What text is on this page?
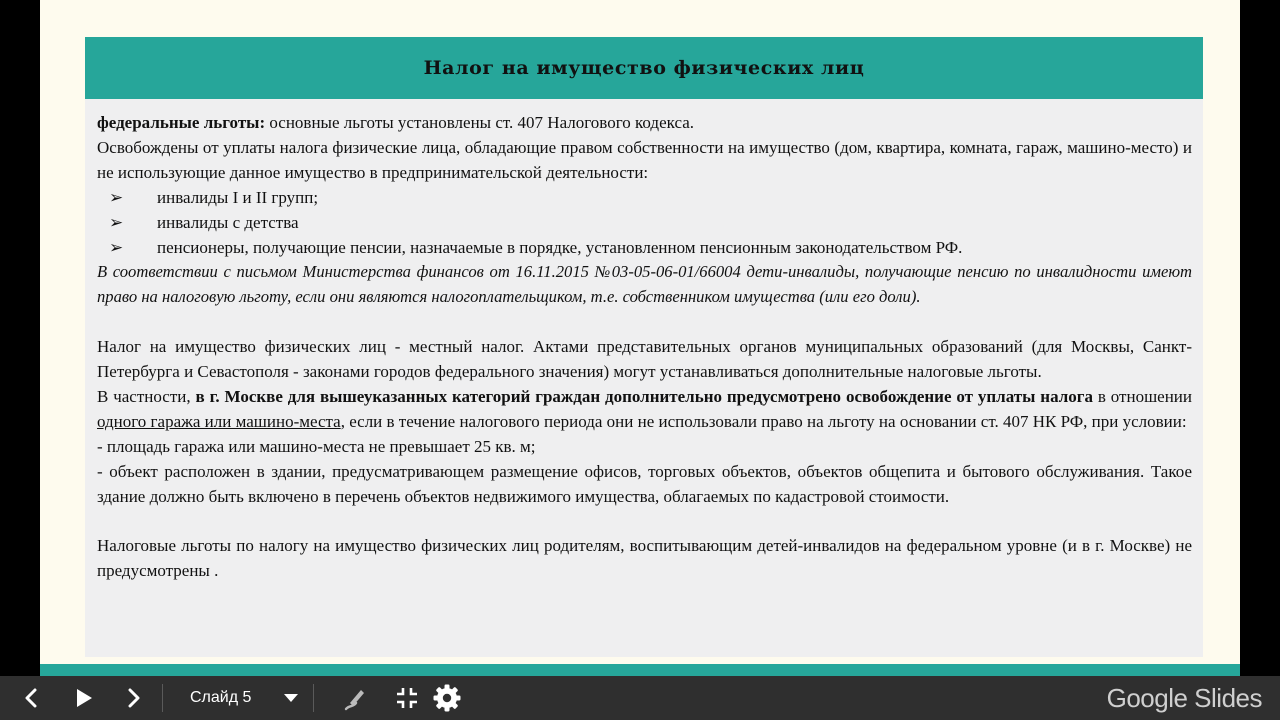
Налог на имущество физических лиц

федеральные льготы: основные льготы установлены ст. 407 Налогового кодекса.

Освобождены от уплаты налога физические лица, обладающие правом собственности на имущество (дом, квартира, комната, гараж, машино-место) и не использующие данное имущество в предпринимательской деятельности:

➢	инвалиды I и II групп;
➢	инвалиды с детства
➢	пенсионеры, получающие пенсии, назначаемые в порядке, установленном пенсионным законодательством РФ.

В соответствии с письмом Министерства финансов от 16.11.2015 №03-05-06-01/66004 дети-инвалиды, получающие пенсию по инвалидности имеют право на налоговую льготу, если они являются налогоплательщиком, т.е. собственником имущества (или его доли).

Налог на имущество физических лиц - местный налог. Актами представительных органов муниципальных образований (для Москвы, Санкт-Петербурга и Севастополя - законами городов федерального значения) могут устанавливаться дополнительные налоговые льготы.

В частности, в г. Москве для вышеуказанных категорий граждан дополнительно предусмотрено освобождение от уплаты налога в отношении одного гаража или машино-места, если в течение налогового периода они не использовали право на льготу на основании ст. 407 НК РФ, при условии:

- площадь гаража или машино-места не превышает 25 кв. м;

- объект расположен в здании, предусматривающем размещение офисов, торговых объектов, объектов общепита и бытового обслуживания. Такое здание должно быть включено в перечень объектов недвижимого имущества, облагаемых по кадастровой стоимости.

Налоговые льготы по налогу на имущество физических лиц родителям, воспитывающим детей-инвалидов на федеральном уровне (и в г. Москве) не предусмотрены .

Слайд 5	Google Slides
